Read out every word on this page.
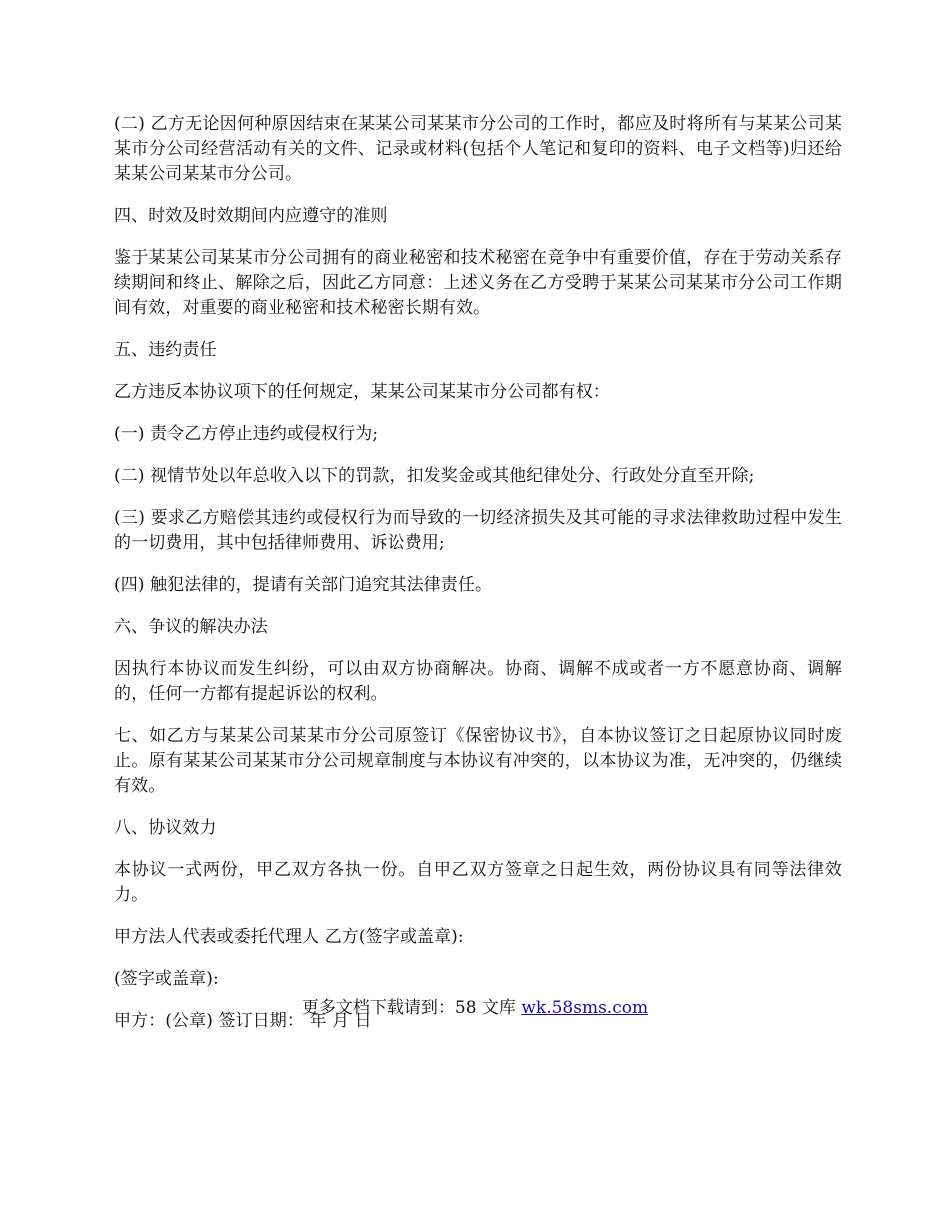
(二) 乙方无论因何种原因结束在某某公司某某市分公司的工作时，都应及时将所有与某某公司某某市分公司经营活动有关的文件、记录或材料(包括个人笔记和复印的资料、电子文档等)归还给某某公司某某市分公司。

四、时效及时效期间内应遵守的准则

鉴于某某公司某某市分公司拥有的商业秘密和技术秘密在竞争中有重要价值，存在于劳动关系存续期间和终止、解除之后，因此乙方同意：上述义务在乙方受聘于某某公司某某市分公司工作期间有效，对重要的商业秘密和技术秘密长期有效。

五、违约责任

乙方违反本协议项下的任何规定，某某公司某某市分公司都有权：

(一) 责令乙方停止违约或侵权行为;

(二) 视情节处以年总收入以下的罚款，扣发奖金或其他纪律处分、行政处分直至开除;

(三) 要求乙方赔偿其违约或侵权行为而导致的一切经济损失及其可能的寻求法律救助过程中发生的一切费用，其中包括律师费用、诉讼费用;

(四) 触犯法律的，提请有关部门追究其法律责任。

六、争议的解决办法

因执行本协议而发生纠纷，可以由双方协商解决。协商、调解不成或者一方不愿意协商、调解的，任何一方都有提起诉讼的权利。

七、如乙方与某某公司某某市分公司原签订《保密协议书》，自本协议签订之日起原协议同时废止。原有某某公司某某市分公司规章制度与本协议有冲突的，以本协议为准，无冲突的，仍继续有效。

八、协议效力

本协议一式两份，甲乙双方各执一份。自甲乙双方签章之日起生效，两份协议具有同等法律效力。

甲方法人代表或委托代理人 乙方(签字或盖章):

(签字或盖章):

甲方：(公章) 签订日期： 年 月 日

更多文档下载请到：58 文库 wk.58sms.com
